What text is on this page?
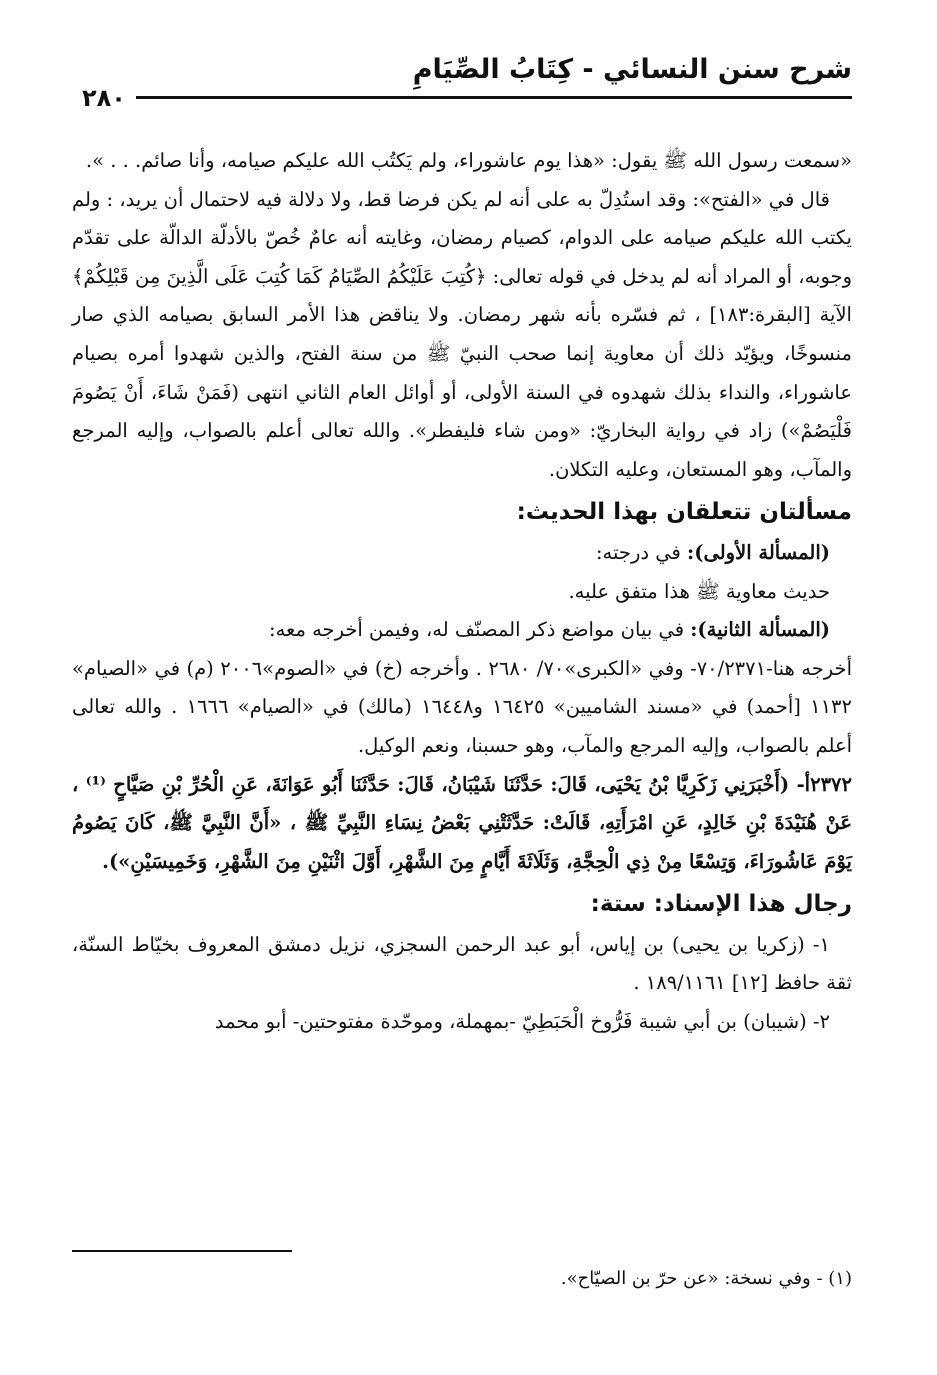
شرح سنن النسائي - كِتَابُ الصِّيَامِ
٢٨٠

«سمعت رسول الله ﷺ يقول: «هذا يوم عاشوراء، ولم يَكتُب الله عليكم صيامه، وأنا صائم. . . ».

قال في «الفتح»: وقد استُدِلّ به على أنه لم يكن فرضا قط، ولا دلالة فيه لاحتمال أن يريد، : ولم يكتب الله عليكم صيامه على الدوام، كصيام رمضان، وغايته أنه عامٌ خُصّ بالأدلّة الدالّة على تقدّم وجوبه، أو المراد أنه لم يدخل في قوله تعالى: ﴿كُتِبَ عَلَيْكُمُ الصِّيَامُ كَمَا كُتِبَ عَلَى الَّذِينَ مِن قَبْلِكُمْ﴾ الآية [البقرة:١٨٣] ، ثم فسّره بأنه شهر رمضان. ولا يناقض هذا الأمر السابق بصيامه الذي صار منسوخًا، ويؤيّد ذلك أن معاوية إنما صحب النبيّ ﷺ من سنة الفتح، والذين شهدوا أمره بصيام عاشوراء، والنداء بذلك شهدوه في السنة الأولى، أو أوائل العام الثاني انتهى (فَمَنْ شَاءَ، أَنْ يَصُومَ فَلْيَصُمْ») زاد في رواية البخاريّ: «ومن شاء فليفطر». والله تعالى أعلم بالصواب، وإليه المرجع والمآب، وهو المستعان، وعليه التكلان.

مسألتان تتعلقان بهذا الحديث:

(المسألة الأولى): في درجته:

حديث معاوية ﷺ هذا متفق عليه.

(المسألة الثانية): في بيان مواضع ذكر المصنّف له، وفيمن أخرجه معه:

أخرجه هنا-٧٠/٢٣٧١- وفي «الكبرى»٧٠/ ٢٦٨٠ . وأخرجه (خ) في «الصوم»٢٠٠٦ (م) في «الصيام» ١١٣٢ [أحمد) في «مسند الشاميين» ١٦٤٢٥ و١٦٤٤٨ (مالك) في «الصيام» ١٦٦٦ . والله تعالى أعلم بالصواب، وإليه المرجع والمآب، وهو حسبنا، ونعم الوكيل.

٢٣٧٢أ- (أَخْبَرَنِي زَكَرِيَّا بْنُ يَحْيَى، قَالَ: حَدَّثَنَا شَيْبَانُ، قَالَ: حَدَّثَنَا أَبُو عَوَانَةَ، عَنِ الْحُرِّ بْنِ صَيَّاحٍ ⁽¹⁾ ، عَنْ هُنَيْدَةَ بْنِ خَالِدٍ، عَنِ امْرَأَتِهِ، قَالَتْ: حَدَّثَتْنِي بَعْضُ نِسَاءِ النَّبِيِّ ﷺ ، «أَنَّ النَّبِيَّ ﷺ، كَانَ يَصُومُ يَوْمَ عَاشُورَاءَ، وَتِسْعًا مِنْ ذِي الْحِجَّةِ، وَثَلَاثَةَ أَيَّامٍ مِنَ الشَّهْرِ، أَوَّلَ اثْنَيْنِ مِنَ الشَّهْرِ، وَخَمِيسَيْنِ»).

رجال هذا الإسناد: ستة:

١- (زكريا بن يحيى) بن إياس، أبو عبد الرحمن السجزي، نزيل دمشق المعروف بخيّاط السنّة، ثقة حافظ [١٢] ١٨٩/١١٦١ .

٢- (شيبان) بن أبي شيبة فَرُّوخ الْحَبَطِيّ -بمهملة، وموحّدة مفتوحتين- أبو محمد

(١) - وفي نسخة: «عن حرّ بن الصيّاح».
